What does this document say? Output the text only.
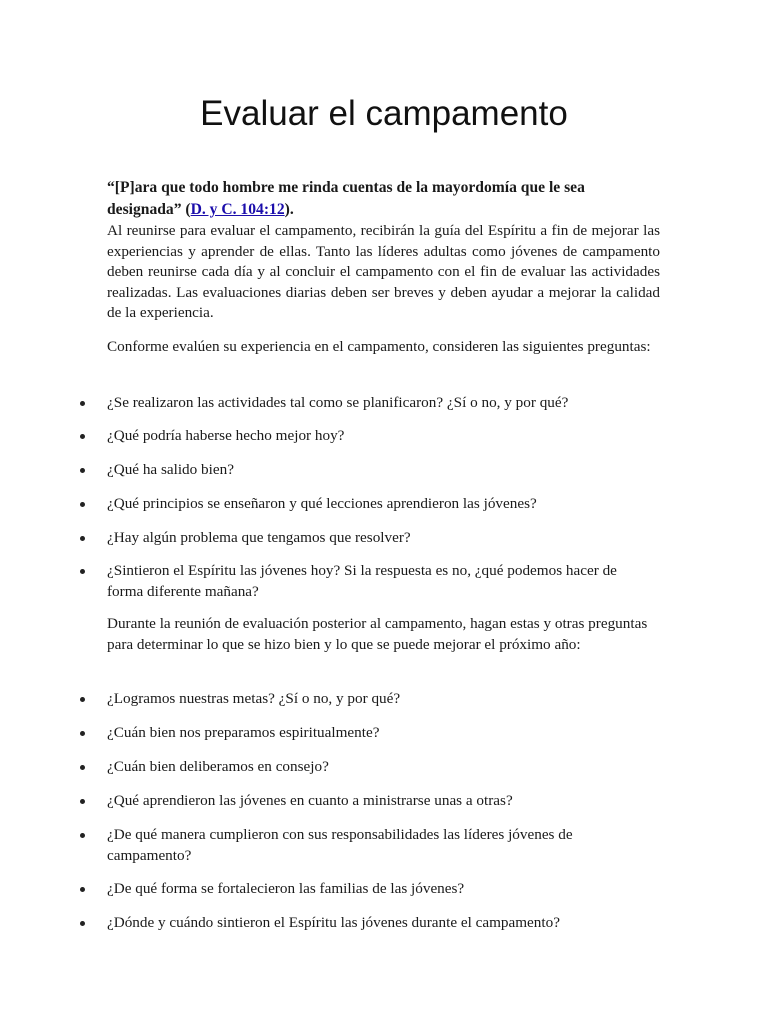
Evaluar el campamento

“[P]ara que todo hombre me rinda cuentas de la mayordomía que le sea designada” (D. y C. 104:12).

Al reunirse para evaluar el campamento, recibirán la guía del Espíritu a fin de mejorar las experiencias y aprender de ellas. Tanto las líderes adultas como jóvenes de campamento deben reunirse cada día y al concluir el campamento con el fin de evaluar las actividades realizadas. Las evaluaciones diarias deben ser breves y deben ayudar a mejorar la calidad de la experiencia.

Conforme evalúen su experiencia en el campamento, consideren las siguientes preguntas:

¿Se realizaron las actividades tal como se planificaron? ¿Sí o no, y por qué?
¿Qué podría haberse hecho mejor hoy?
¿Qué ha salido bien?
¿Qué principios se enseñaron y qué lecciones aprendieron las jóvenes?
¿Hay algún problema que tengamos que resolver?
¿Sintieron el Espíritu las jóvenes hoy? Si la respuesta es no, ¿qué podemos hacer de forma diferente mañana?

Durante la reunión de evaluación posterior al campamento, hagan estas y otras preguntas para determinar lo que se hizo bien y lo que se puede mejorar el próximo año:

¿Logramos nuestras metas? ¿Sí o no, y por qué?
¿Cuán bien nos preparamos espiritualmente?
¿Cuán bien deliberamos en consejo?
¿Qué aprendieron las jóvenes en cuanto a ministrarse unas a otras?
¿De qué manera cumplieron con sus responsabilidades las líderes jóvenes de campamento?
¿De qué forma se fortalecieron las familias de las jóvenes?
¿Dónde y cuándo sintieron el Espíritu las jóvenes durante el campamento?
